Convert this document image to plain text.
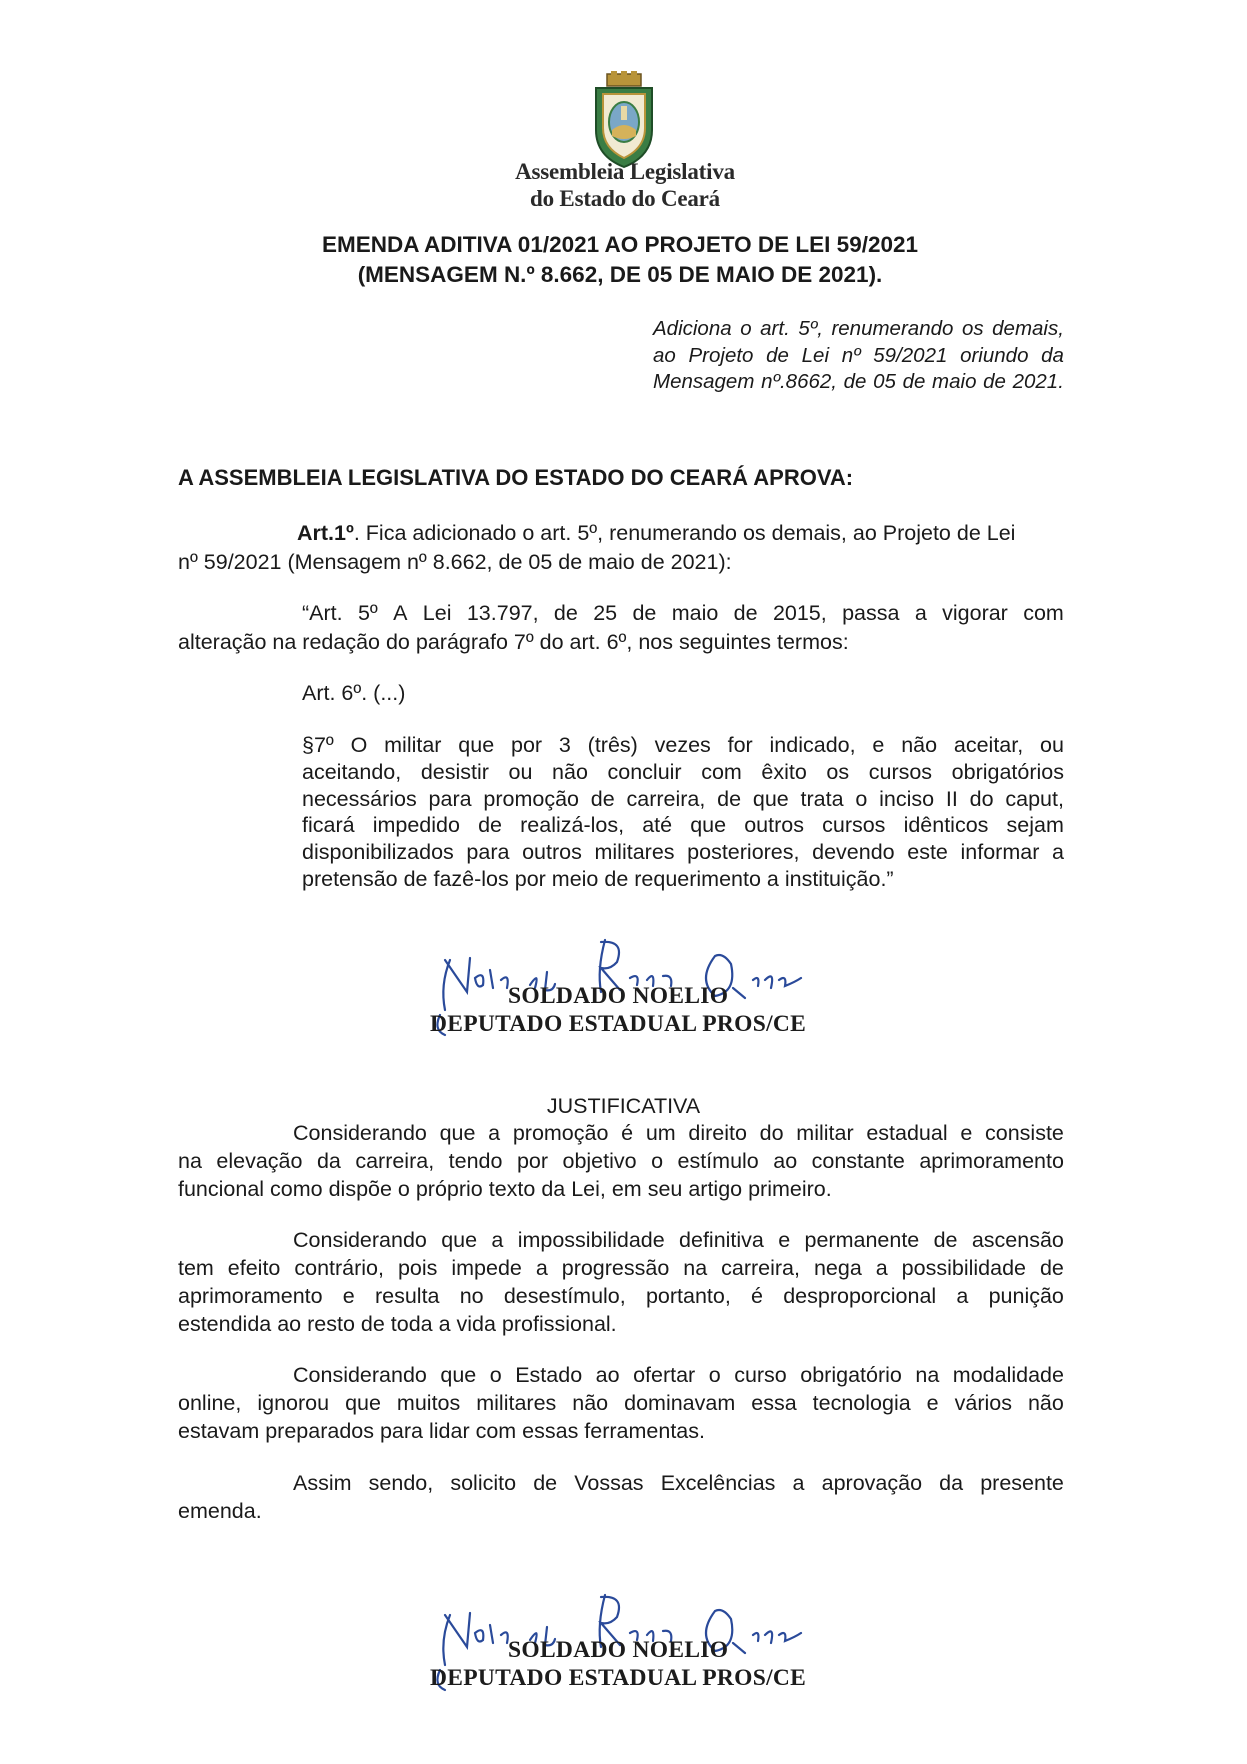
Assembleia Legislativa
do Estado do Ceará
EMENDA ADITIVA 01/2021 AO PROJETO DE LEI 59/2021
(MENSAGEM N.º 8.662, DE 05 DE MAIO DE 2021).
Adiciona o art. 5º, renumerando os demais,
ao Projeto de Lei nº 59/2021 oriundo da
Mensagem nº.8662, de 05 de maio de 2021.
A ASSEMBLEIA LEGISLATIVA DO ESTADO DO CEARÁ APROVA:
Art.1º. Fica adicionado o art. 5º, renumerando os demais, ao Projeto de Lei
nº 59/2021 (Mensagem nº 8.662, de 05 de maio de 2021):
“Art. 5º A Lei 13.797, de 25 de maio de 2015, passa a vigorar com
alteração na redação do parágrafo 7º do art. 6º, nos seguintes termos:
Art. 6º. (...)
§7º O militar que por 3 (três) vezes for indicado, e não aceitar, ou
aceitando, desistir ou não concluir com êxito os cursos obrigatórios
necessários para promoção de carreira, de que trata o inciso II do caput,
ficará impedido de realizá-los, até que outros cursos idênticos sejam
disponibilizados para outros militares posteriores, devendo este informar a
pretensão de fazê-los por meio de requerimento a instituição.”
SOLDADO NOELIO
DEPUTADO ESTADUAL PROS/CE
JUSTIFICATIVA
Considerando que a promoção é um direito do militar estadual e consiste
na elevação da carreira, tendo por objetivo o estímulo ao constante aprimoramento
funcional como dispõe o próprio texto da Lei, em seu artigo primeiro.
Considerando que a impossibilidade definitiva e permanente de ascensão
tem efeito contrário, pois impede a progressão na carreira, nega a possibilidade de
aprimoramento e resulta no desestímulo, portanto, é desproporcional a punição
estendida ao resto de toda a vida profissional.
Considerando que o Estado ao ofertar o curso obrigatório na modalidade
online, ignorou que muitos militares não dominavam essa tecnologia e vários não
estavam preparados para lidar com essas ferramentas.
Assim sendo, solicito de Vossas Excelências a aprovação da presente
emenda.
SOLDADO NOELIO
DEPUTADO ESTADUAL PROS/CE
